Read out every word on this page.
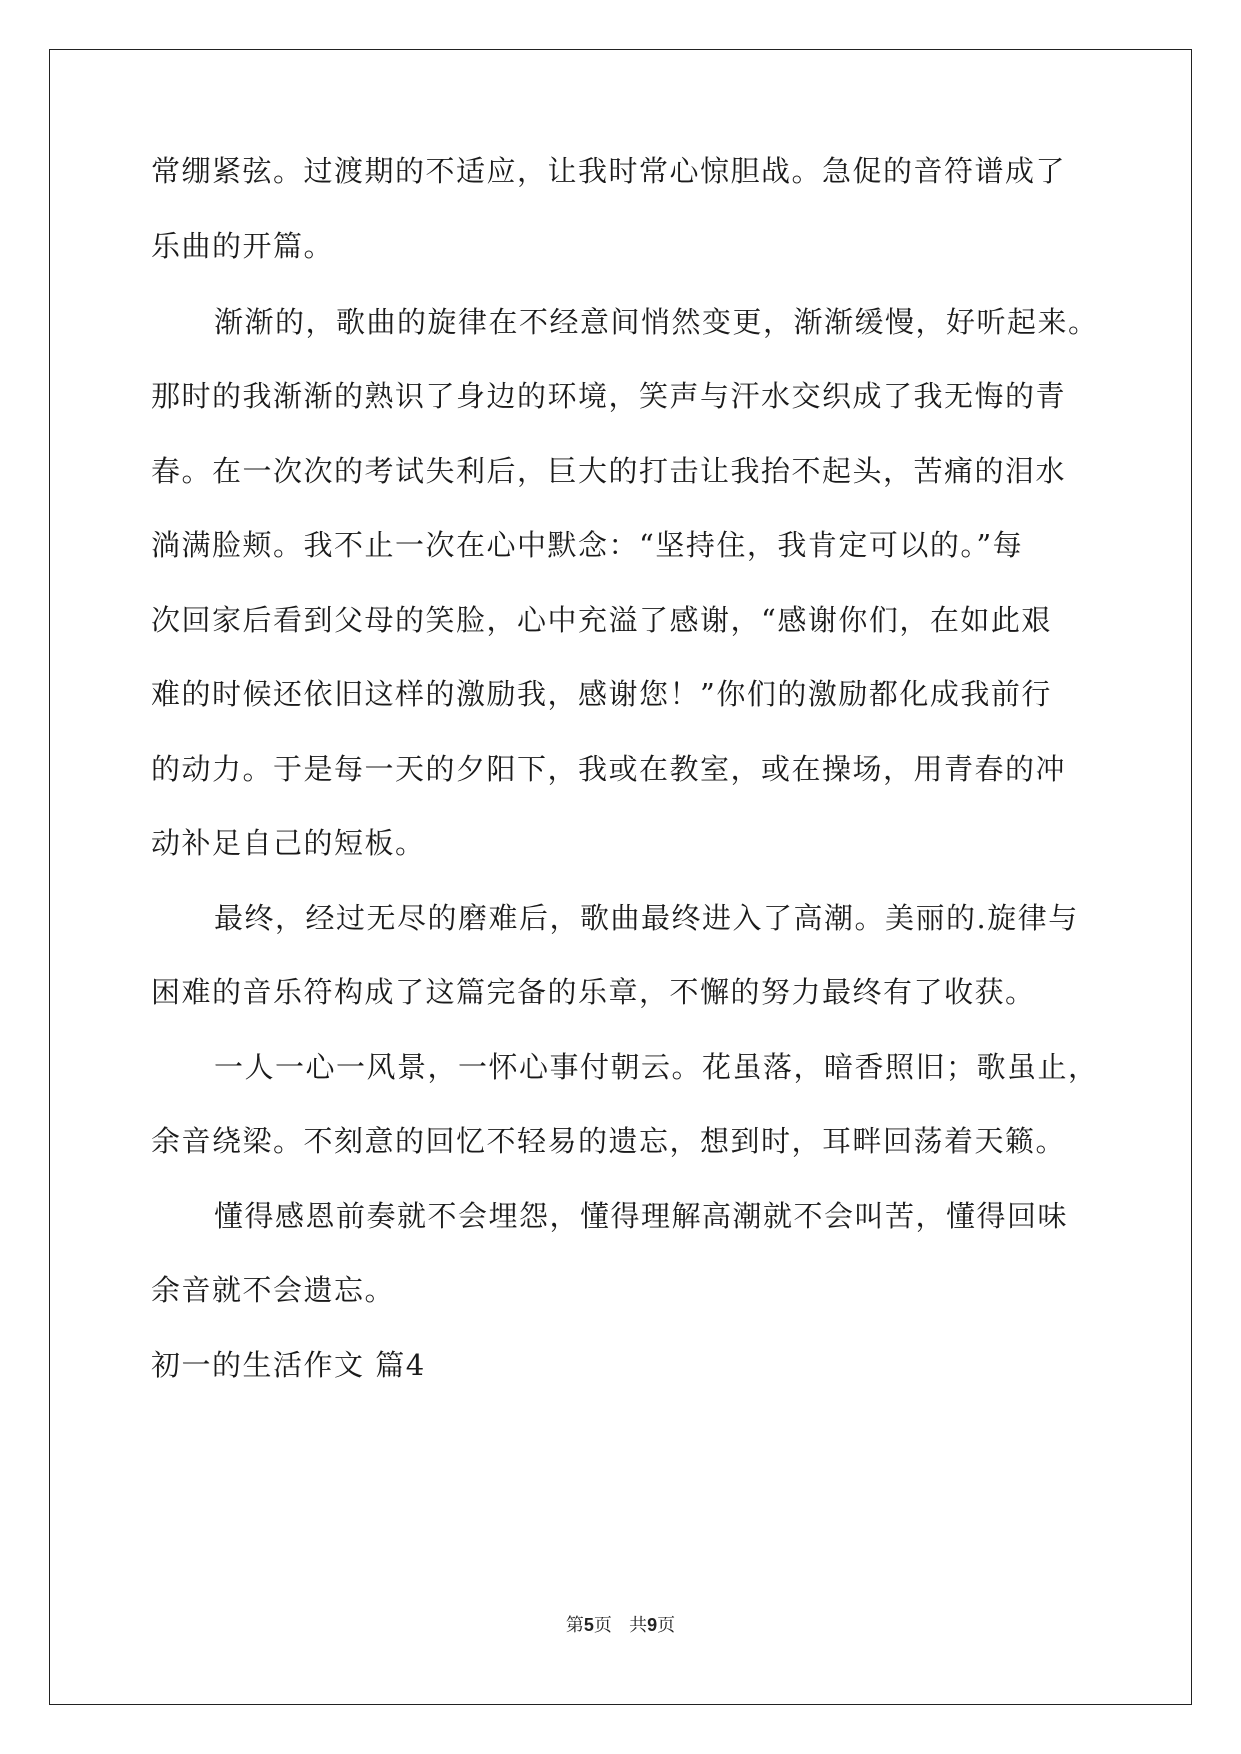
常绷紧弦。过渡期的不适应，让我时常心惊胆战。急促的音符谱成了

乐曲的开篇。

渐渐的，歌曲的旋律在不经意间悄然变更，渐渐缓慢，好听起来。

那时的我渐渐的熟识了身边的环境，笑声与汗水交织成了我无悔的青

春。在一次次的考试失利后，巨大的打击让我抬不起头，苦痛的泪水

淌满脸颊。我不止一次在心中默念：“坚持住，我肯定可以的。”每

次回家后看到父母的笑脸，心中充溢了感谢，“感谢你们，在如此艰

难的时候还依旧这样的激励我，感谢您！”你们的激励都化成我前行

的动力。于是每一天的夕阳下，我或在教室，或在操场，用青春的冲

动补足自己的短板。

最终，经过无尽的磨难后，歌曲最终进入了高潮。美丽的.旋律与

困难的音乐符构成了这篇完备的乐章，不懈的努力最终有了收获。

一人一心一风景，一怀心事付朝云。花虽落，暗香照旧；歌虽止，

余音绕梁。不刻意的回忆不轻易的遗忘，想到时，耳畔回荡着天籁。

懂得感恩前奏就不会埋怨，懂得理解高潮就不会叫苦，懂得回味

余音就不会遗忘。

初一的生活作文 篇4

第5页 共9页
